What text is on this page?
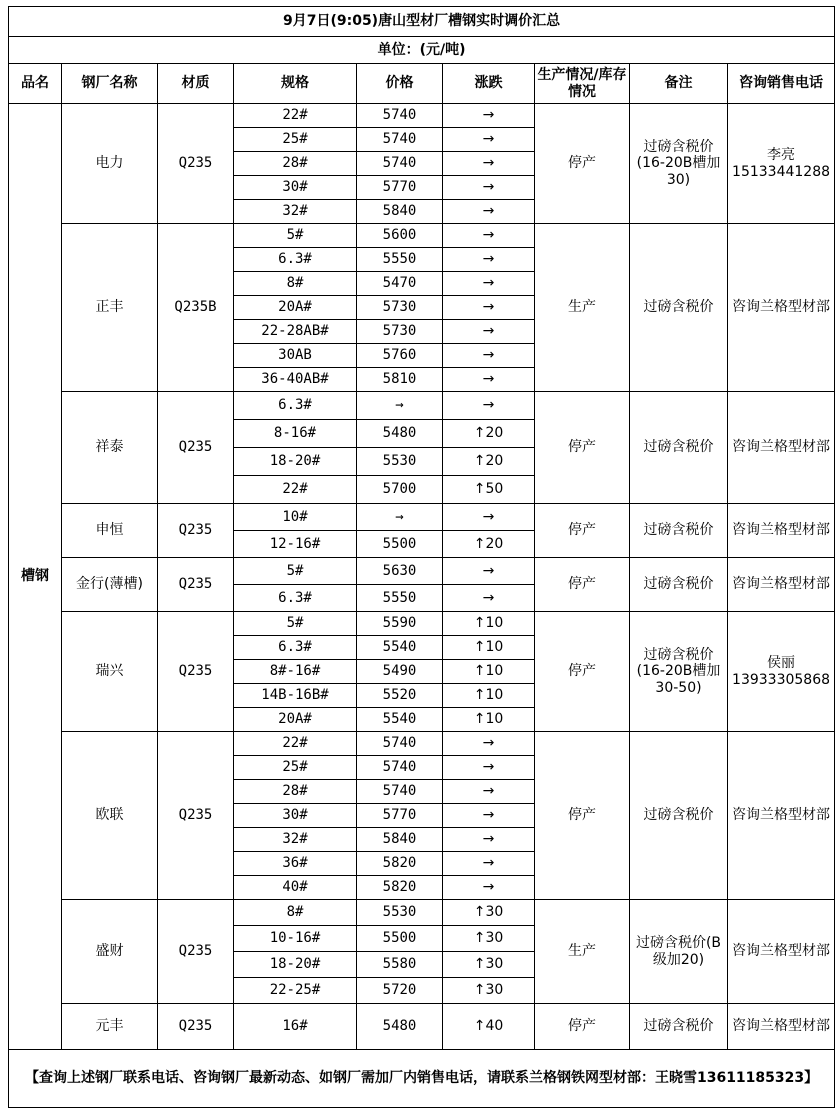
9月7日(9:05)唐山型材厂槽钢实时调价汇总								
单位：(元/吨)								
品名	钢厂名称	材质	规格	价格	涨跌	生产情况/库存情况	备注	咨询销售电话
槽钢	电力	Q235	22#	5740	→	停产	过磅含税价(16-20B槽加30)	李亮15133441288
			25#	5740	→			
			28#	5740	→			
			30#	5770	→			
			32#	5840	→			
	正丰	Q235B	5#	5600	→	生产	过磅含税价	咨询兰格型材部
			6.3#	5550	→			
			8#	5470	→			
			20A#	5730	→			
			22-28AB#	5730	→			
			30AB	5760	→			
			36-40AB#	5810	→			
	祥泰	Q235	6.3#	→	→	停产	过磅含税价	咨询兰格型材部
			8-16#	5480	↑20			
			18-20#	5530	↑20			
			22#	5700	↑50			
	申恒	Q235	10#	→	→	停产	过磅含税价	咨询兰格型材部
			12-16#	5500	↑20			
	金行(薄槽)	Q235	5#	5630	→	停产	过磅含税价	咨询兰格型材部
			6.3#	5550	→			
	瑞兴	Q235	5#	5590	↑10	停产	过磅含税价(16-20B槽加30-50)	侯丽13933305868
			6.3#	5540	↑10			
			8#-16#	5490	↑10			
			14B-16B#	5520	↑10			
			20A#	5540	↑10			
	欧联	Q235	22#	5740	→	停产	过磅含税价	咨询兰格型材部
			25#	5740	→			
			28#	5740	→			
			30#	5770	→			
			32#	5840	→			
			36#	5820	→			
			40#	5820	→			
	盛财	Q235	8#	5530	↑30	生产	过磅含税价(B级加20)	咨询兰格型材部
			10-16#	5500	↑30			
			18-20#	5580	↑30			
			22-25#	5720	↑30			
	元丰	Q235	16#	5480	↑40	停产	过磅含税价	咨询兰格型材部
【查询上述钢厂联系电话、咨询钢厂最新动态、如钢厂需加厂内销售电话，请联系兰格钢铁网型材部：王晓雪13611185323】								
